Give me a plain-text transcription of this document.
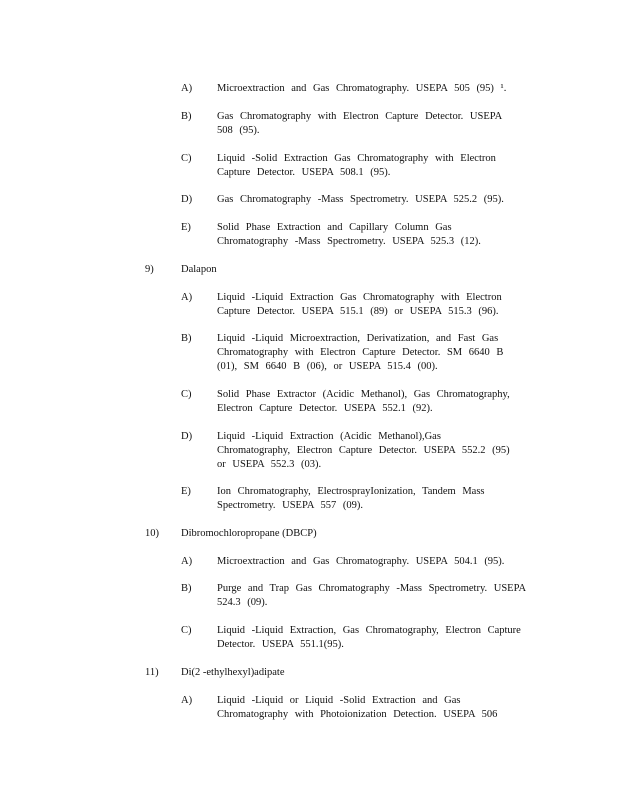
A) Microextraction and Gas Chromatography. USEPA 505 (95) ¹.
B) Gas Chromatography with Electron Capture Detector. USEPA
508 (95).
C) Liquid -Solid Extraction Gas Chromatography with Electron
Capture Detector. USEPA 508.1 (95).
D) Gas Chromatography -Mass Spectrometry. USEPA 525.2 (95).
E) Solid Phase Extraction and Capillary Column Gas
Chromatography -Mass Spectrometry. USEPA 525.3 (12).
9)	Dalapon
A) Liquid -Liquid Extraction Gas Chromatography with Electron
Capture Detector. USEPA 515.1 (89) or USEPA 515.3 (96).
B) Liquid -Liquid Microextraction, Derivatization, and Fast Gas
Chromatography with Electron Capture Detector. SM 6640 B
(01), SM 6640 B (06), or USEPA 515.4 (00).
C) Solid Phase Extractor (Acidic Methanol), Gas Chromatography,
Electron Capture Detector. USEPA 552.1 (92).
D) Liquid -Liquid Extraction (Acidic Methanol),Gas
Chromatography, Electron Capture Detector. USEPA 552.2 (95)
or USEPA 552.3 (03).
E) Ion Chromatography, ElectrosprayIonization, Tandem Mass
Spectrometry. USEPA 557 (09).
10) Dibromochloropropane (DBCP)
A) Microextraction and Gas Chromatography. USEPA 504.1 (95).
B) Purge and Trap Gas Chromatography -Mass Spectrometry. USEPA
524.3 (09).
C) Liquid -Liquid Extraction, Gas Chromatography, Electron Capture
Detector. USEPA 551.1(95).
11) Di(2 -ethylhexyl)adipate
A) Liquid -Liquid or Liquid -Solid Extraction and Gas
Chromatography with Photoionization Detection. USEPA 506
